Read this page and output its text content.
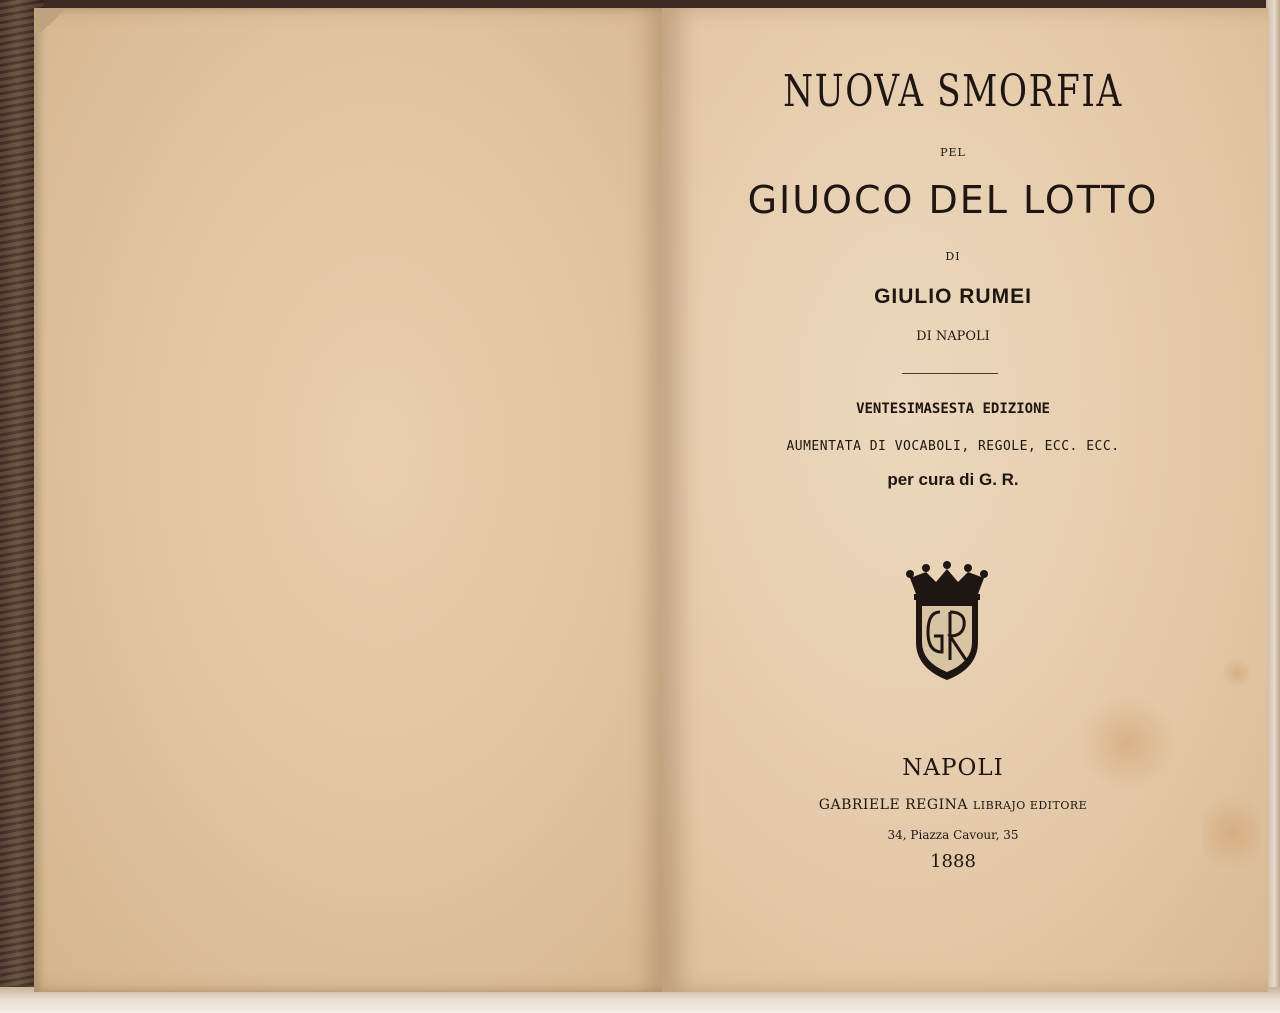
NUOVA SMORFIA

PEL

GIUOCO DEL LOTTO

DI

GIULIO RUMEI

DI NAPOLI

VENTESIMASESTA EDIZIONE

AUMENTATA DI VOCABOLI, REGOLE, ECC. ECC.

per cura di G. R.

GR

NAPOLI

GABRIELE REGINA LIBRAJO EDITORE

34, Piazza Cavour, 35

1888
